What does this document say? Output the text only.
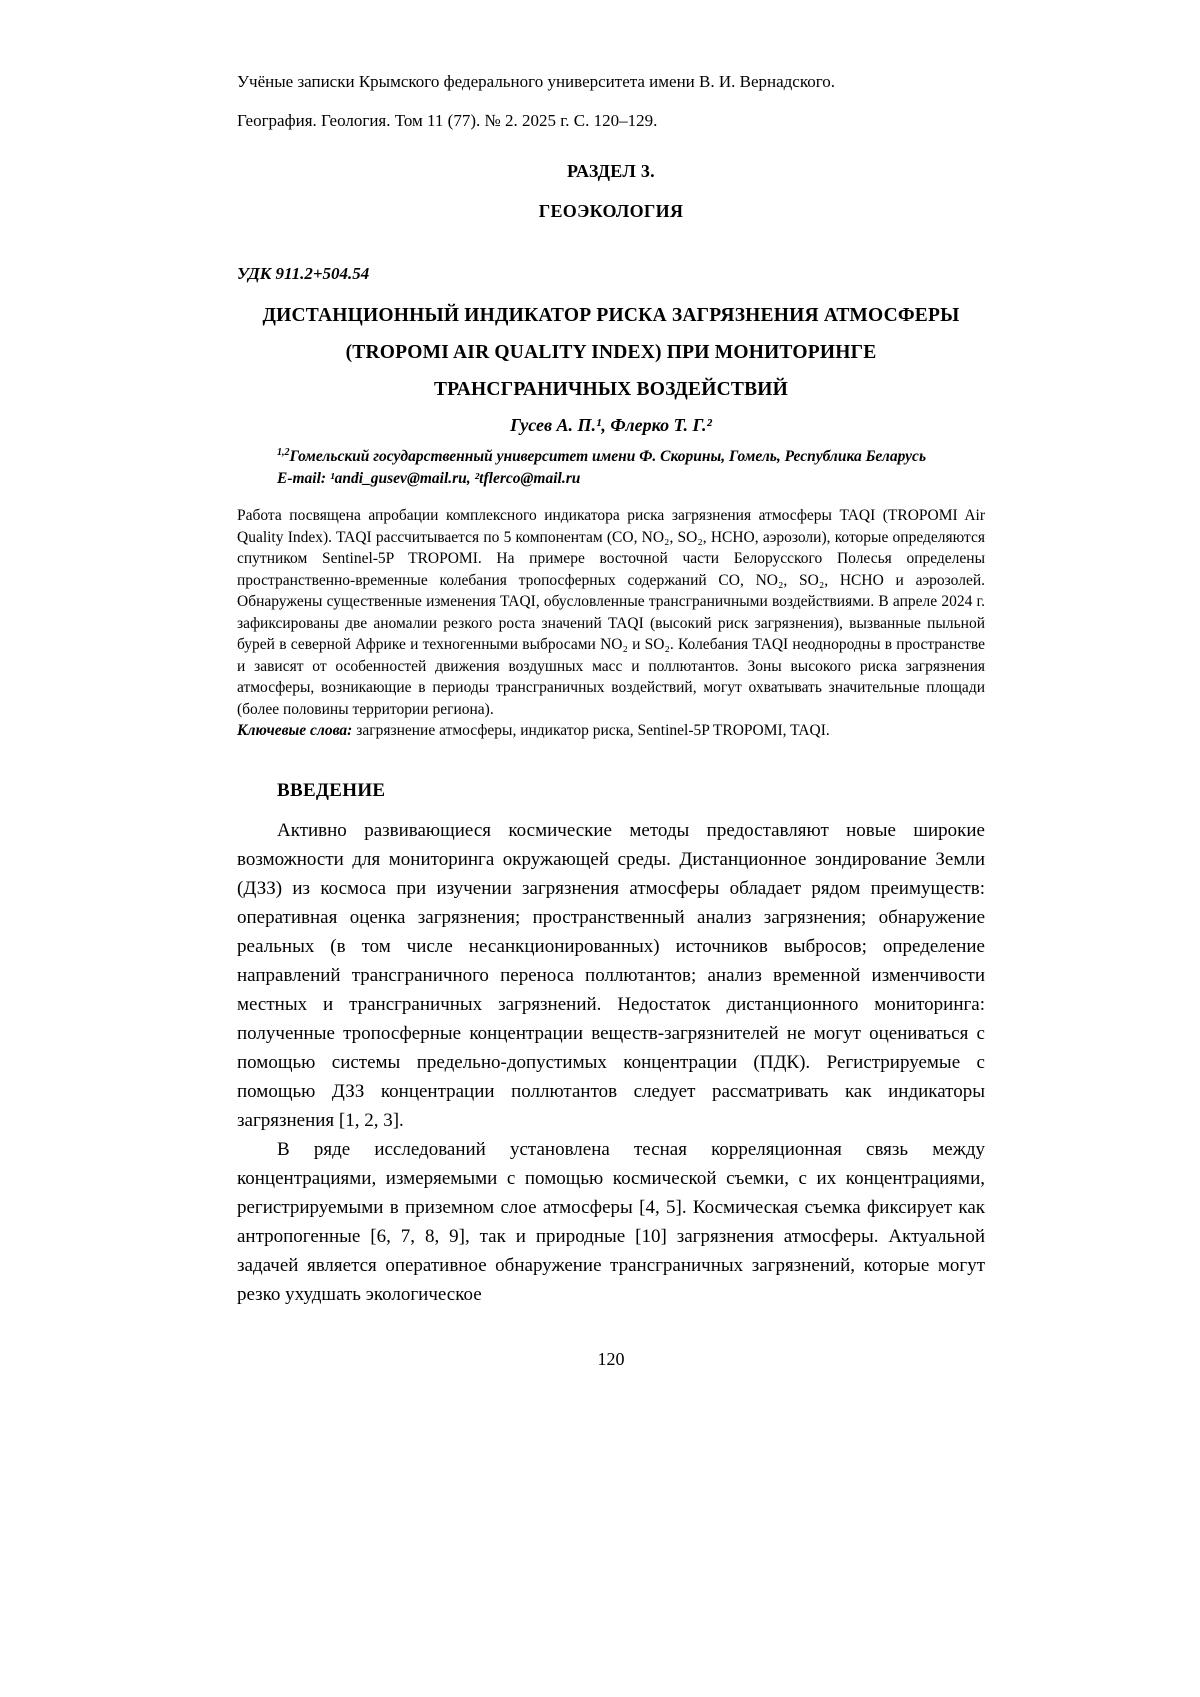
Учёные записки Крымского федерального университета имени В. И. Вернадского.

География. Геология. Том 11 (77). № 2. 2025 г. С. 120–129.

РАЗДЕЛ 3.

ГЕОЭКОЛОГИЯ

УДК 911.2+504.54

ДИСТАНЦИОННЫЙ ИНДИКАТОР РИСКА ЗАГРЯЗНЕНИЯ АТМОСФЕРЫ
(TROPOMI AIR QUALITY INDEX) ПРИ МОНИТОРИНГЕ
ТРАНСГРАНИЧНЫХ ВОЗДЕЙСТВИЙ

Гусев А. П.¹, Флерко Т. Г.²

$^{1,2}$Гомельский государственный университет имени Ф. Скорины, Гомель, Республика Беларусь

E-mail: ¹andi_gusev@mail.ru, ²tflerco@mail.ru

Работа посвящена апробации комплексного индикатора риска загрязнения атмосферы TAQI (TROPOMI Air Quality Index). TAQI рассчитывается по 5 компонентам (CO, NO₂, SO₂, HCHO, аэрозоли), которые определяются спутником Sentinel-5P TROPOMI. На примере восточной части Белорусского Полесья определены пространственно-временные колебания тропосферных содержаний CO, NO₂, SO₂, HCHO и аэрозолей. Обнаружены существенные изменения TAQI, обусловленные трансграничными воздействиями. В апреле 2024 г. зафиксированы две аномалии резкого роста значений TAQI (высокий риск загрязнения), вызванные пыльной бурей в северной Африке и техногенными выбросами NO₂ и SO₂. Колебания TAQI неоднородны в пространстве и зависят от особенностей движения воздушных масс и поллютантов. Зоны высокого риска загрязнения атмосферы, возникающие в периоды трансграничных воздействий, могут охватывать значительные площади (более половины территории региона).

Ключевые слова: загрязнение атмосферы, индикатор риска, Sentinel-5P TROPOMI, TAQI.

ВВЕДЕНИЕ

Активно развивающиеся космические методы предоставляют новые широкие возможности для мониторинга окружающей среды. Дистанционное зондирование Земли (ДЗЗ) из космоса при изучении загрязнения атмосферы обладает рядом преимуществ: оперативная оценка загрязнения; пространственный анализ загрязнения; обнаружение реальных (в том числе несанкционированных) источников выбросов; определение направлений трансграничного переноса поллютантов; анализ временной изменчивости местных и трансграничных загрязнений. Недостаток дистанционного мониторинга: полученные тропосферные концентрации веществ-загрязнителей не могут оцениваться с помощью системы предельно-допустимых концентрации (ПДК). Регистрируемые с помощью ДЗЗ концентрации поллютантов следует рассматривать как индикаторы загрязнения [1, 2, 3].

В ряде исследований установлена тесная корреляционная связь между концентрациями, измеряемыми с помощью космической съемки, с их концентрациями, регистрируемыми в приземном слое атмосферы [4, 5]. Космическая съемка фиксирует как антропогенные [6, 7, 8, 9], так и природные [10] загрязнения атмосферы. Актуальной задачей является оперативное обнаружение трансграничных загрязнений, которые могут резко ухудшать экологическое

120
